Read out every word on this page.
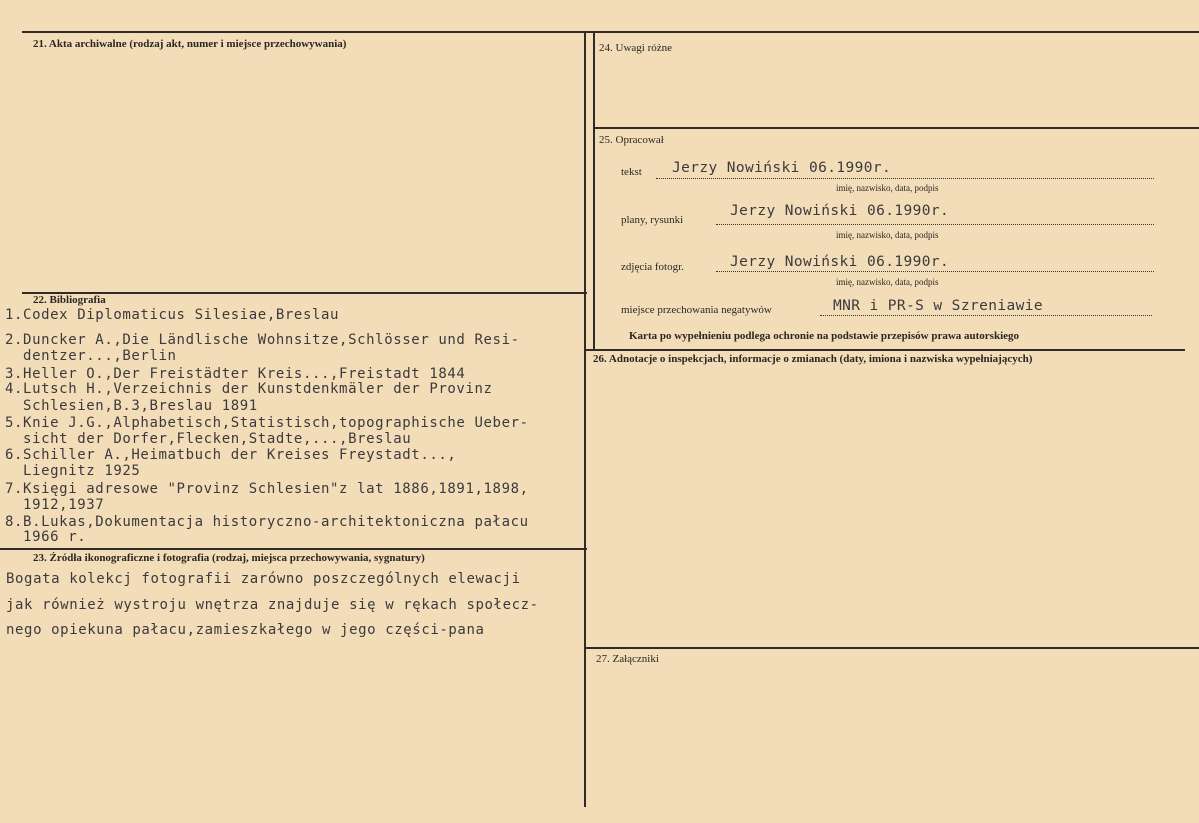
21. Akta archiwalne (rodzaj akt, numer i miejsce przechowywania)
22. Bibliografia
1.Codex Diplomaticus Silesiae,Breslau
2.Duncker A.,Die Ländlische Wohnsitze,Schlösser und Resi-
dentzer...,Berlin
3.Heller O.,Der Freistädter Kreis...,Freistadt 1844
4.Lutsch H.,Verzeichnis der Kunstdenkmäler der Provinz
Schlesien,B.3,Breslau 1891
5.Knie J.G.,Alphabetisch,Statistisch,topographische Ueber-
sicht der Dorfer,Flecken,Stadte,...,Breslau
6.Schiller A.,Heimatbuch der Kreises Freystadt...,
Liegnitz 1925
7.Księgi adresowe "Provinz Schlesien"z lat 1886,1891,1898,
1912,1937
8.B.Lukas,Dokumentacja historyczno-architektoniczna pałacu
1966 r.
23. Źródła ikonograficzne i fotografia (rodzaj, miejsca przechowywania, sygnatury)
Bogata kolekcj fotografii zarówno poszczególnych elewacji
jak również wystroju wnętrza znajduje się w rękach społecz-
nego opiekuna pałacu,zamieszkałego w jego części-pana
24. Uwagi różne
25. Opracował
tekst Jerzy Nowiński 06.1990r.
imię, nazwisko, data, podpis
plany, rysunki
Jerzy Nowiński 06.1990r.
imię, nazwisko, data, podpis
zdjęcia fotogr.	Jerzy Nowiński 06.1990r.
imię, nazwisko, data, podpis
miejsce przechowania negatywów	MNR i PR-S w Szreniawie
Karta po wypełnieniu podlega ochronie na podstawie przepisów prawa autorskiego
26. Adnotacje o inspekcjach, informacje o zmianach (daty, imiona i nazwiska wypełniających)
27. Załączniki
